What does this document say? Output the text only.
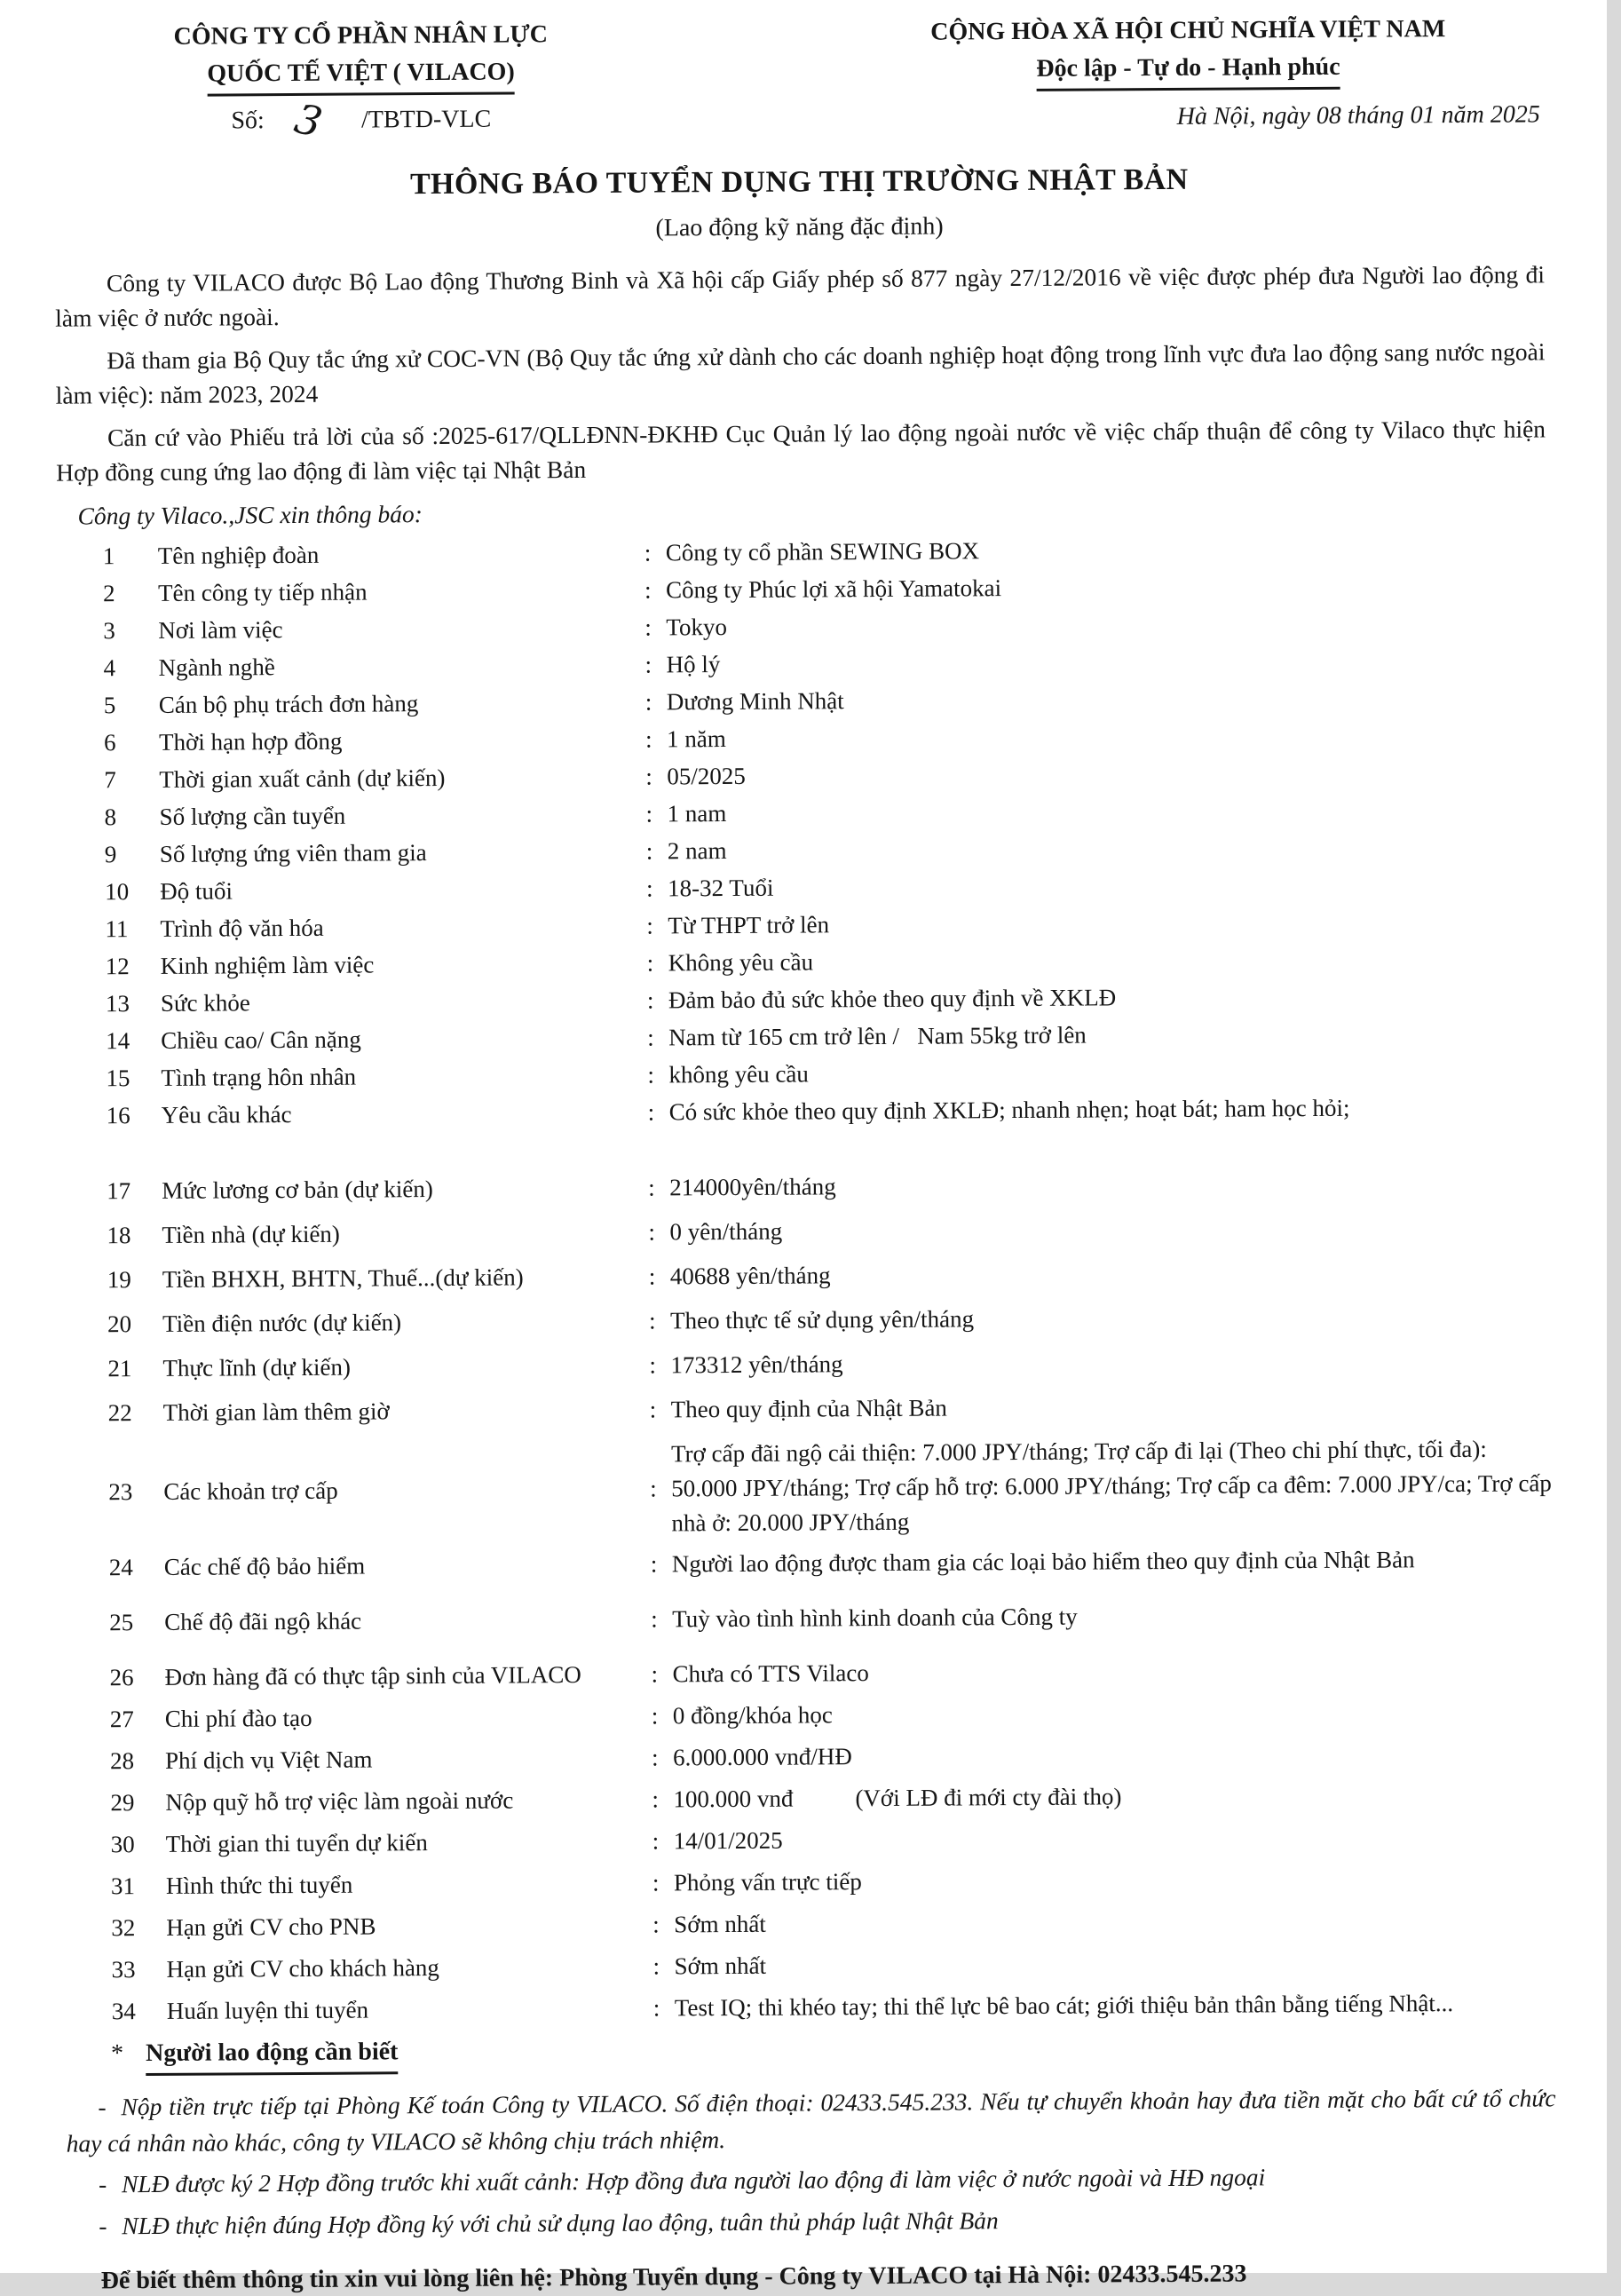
CÔNG TY CỔ PHẦN NHÂN LỰC
QUỐC TẾ VIỆT ( VILACO)
Số: 3 /TBTD-VLC
CỘNG HÒA XÃ HỘI CHỦ NGHĨA VIỆT NAM
Độc lập - Tự do - Hạnh phúc
Hà Nội, ngày 08 tháng 01 năm 2025
THÔNG BÁO TUYỂN DỤNG THỊ TRƯỜNG NHẬT BẢN
(Lao động kỹ năng đặc định)

Công ty VILACO được Bộ Lao động Thương Binh và Xã hội cấp Giấy phép số 877 ngày 27/12/2016 về việc được phép đưa Người lao động đi làm việc ở nước ngoài.

Đã tham gia Bộ Quy tắc ứng xử COC-VN (Bộ Quy tắc ứng xử dành cho các doanh nghiệp hoạt động trong lĩnh vực đưa lao động sang nước ngoài làm việc): năm 2023, 2024

Căn cứ vào Phiếu trả lời của số :2025-617/QLLĐNN-ĐKHĐ Cục Quản lý lao động ngoài nước về việc chấp thuận để công ty Vilaco thực hiện Hợp đồng cung ứng lao động đi làm việc tại Nhật Bản

Công ty Vilaco.,JSC xin thông báo:
1	Tên nghiệp đoàn	: Công ty cổ phần SEWING BOX
2	Tên công ty tiếp nhận	: Công ty Phúc lợi xã hội Yamatokai
3	Nơi làm việc	: Tokyo
4	Ngành nghề	: Hộ lý
5	Cán bộ phụ trách đơn hàng	: Dương Minh Nhật
6	Thời hạn hợp đồng	: 1 năm
7	Thời gian xuất cảnh (dự kiến)	: 05/2025
8	Số lượng cần tuyển	: 1 nam
9	Số lượng ứng viên tham gia	: 2 nam
10	Độ tuổi	: 18-32 Tuổi
11	Trình độ văn hóa	: Từ THPT trở lên
12	Kinh nghiệm làm việc	: Không yêu cầu
13	Sức khỏe	: Đảm bảo đủ sức khỏe theo quy định về XKLĐ
14	Chiều cao/ Cân nặng	: Nam từ 165 cm trở lên /   Nam 55kg trở lên
15	Tình trạng hôn nhân	: không yêu cầu
16	Yêu cầu khác	: Có sức khỏe theo quy định XKLĐ; nhanh nhẹn; hoạt bát; ham học hỏi;
17	Mức lương cơ bản (dự kiến)	: 214000yên/tháng
18	Tiền nhà (dự kiến)	: 0 yên/tháng
19	Tiền BHXH, BHTN, Thuế...(dự kiến)	: 40688 yên/tháng
20	Tiền điện nước (dự kiến)	: Theo thực tế sử dụng yên/tháng
21	Thực lĩnh (dự kiến)	: 173312 yên/tháng
22	Thời gian làm thêm giờ	: Theo quy định của Nhật Bản
23	Các khoản trợ cấp	:
Trợ cấp đãi ngộ cải thiện: 7.000 JPY/tháng; Trợ cấp đi lại (Theo chi phí thực, tối đa): 50.000 JPY/tháng; Trợ cấp hỗ trợ: 6.000 JPY/tháng; Trợ cấp ca đêm: 7.000 JPY/ca; Trợ cấp nhà ở: 20.000 JPY/tháng
24	Các chế độ bảo hiểm	: Người lao động được tham gia các loại bảo hiểm theo quy định của Nhật Bản
25	Chế độ đãi ngộ khác	: Tuỳ vào tình hình kinh doanh của Công ty
26	Đơn hàng đã có thực tập sinh của VILACO	: Chưa có TTS Vilaco
27	Chi phí đào tạo	: 0 đồng/khóa học
28	Phí dịch vụ Việt Nam	: 6.000.000 vnđ/HĐ
29	Nộp quỹ hỗ trợ việc làm ngoài nước	: 100.000 vnđ	(Với LĐ đi mới cty đài thọ)
30	Thời gian thi tuyển dự kiến	: 14/01/2025
31	Hình thức thi tuyển	: Phỏng vấn trực tiếp
32	Hạn gửi CV cho PNB	: Sớm nhất
33	Hạn gửi CV cho khách hàng	: Sớm nhất
34	Huấn luyện thi tuyển	: Test IQ; thi khéo tay; thi thể lực bê bao cát; giới thiệu bản thân bằng tiếng Nhật...
* Người lao động cần biết
- Nộp tiền trực tiếp tại Phòng Kế toán Công ty VILACO. Số điện thoại: 02433.545.233. Nếu tự chuyển khoản hay đưa tiền mặt cho bất cứ tổ chức hay cá nhân nào khác, công ty VILACO sẽ không chịu trách nhiệm.
- NLĐ được ký 2 Hợp đồng trước khi xuất cảnh: Hợp đồng đưa người lao động đi làm việc ở nước ngoài và HĐ ngoại
- NLĐ thực hiện đúng Hợp đồng ký với chủ sử dụng lao động, tuân thủ pháp luật Nhật Bản
Để biết thêm thông tin xin vui lòng liên hệ: Phòng Tuyển dụng - Công ty VILACO tại Hà Nội: 02433.545.233
